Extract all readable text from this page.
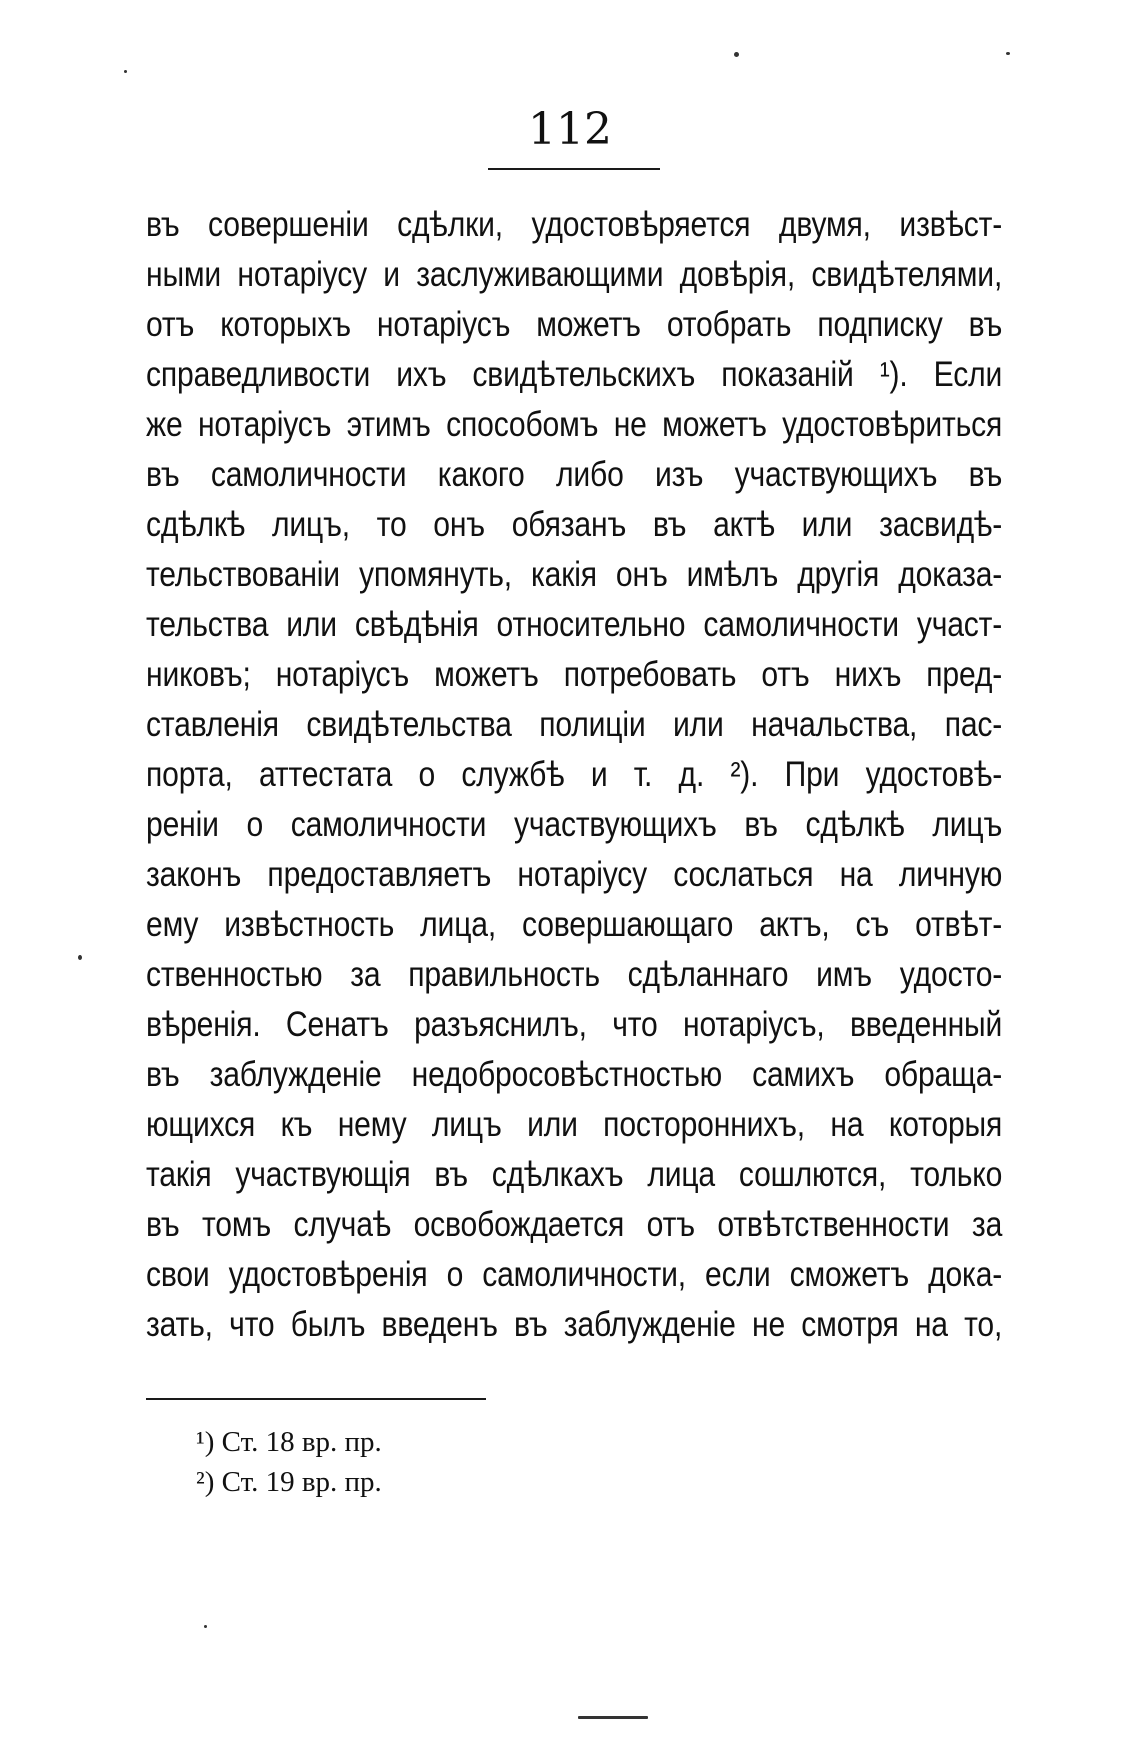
112
въ совершеніи сдѣлки, удостовѣряется двумя, извѣст-
ными нотаріусу и заслуживающими довѣрія, свидѣтелями,
отъ которыхъ нотаріусъ можетъ отобрать подписку въ
справедливости ихъ свидѣтельскихъ показаній ¹). Если
же нотаріусъ этимъ способомъ не можетъ удостовѣриться
въ самоличности какого либо изъ участвующихъ въ
сдѣлкѣ лицъ, то онъ обязанъ въ актѣ или засвидѣ-
тельствованіи упомянуть, какія онъ имѣлъ другія доказа-
тельства или свѣдѣнія относительно самоличности участ-
никовъ; нотаріусъ можетъ потребовать отъ нихъ пред-
ставленія свидѣтельства полиціи или начальства, пас-
порта, аттестата о службѣ и т. д. ²). При удостовѣ-
реніи о самоличности участвующихъ въ сдѣлкѣ лицъ
законъ предоставляетъ нотаріусу сослаться на личную
ему извѣстность лица, совершающаго актъ, съ отвѣт-
ственностью за правильность сдѣланнаго имъ удосто-
вѣренія. Сенатъ разъяснилъ, что нотаріусъ, введенный
въ заблужденіе недобросовѣстностью самихъ обраща-
ющихся къ нему лицъ или постороннихъ, на которыя
такія участвующія въ сдѣлкахъ лица сошлются, только
въ томъ случаѣ освобождается отъ отвѣтственности за
свои удостовѣренія о самоличности, если сможетъ дока-
зать, что былъ введенъ въ заблужденіе не смотря на то,
¹) Ст. 18 вр. пр.
²) Ст. 19 вр. пр.
